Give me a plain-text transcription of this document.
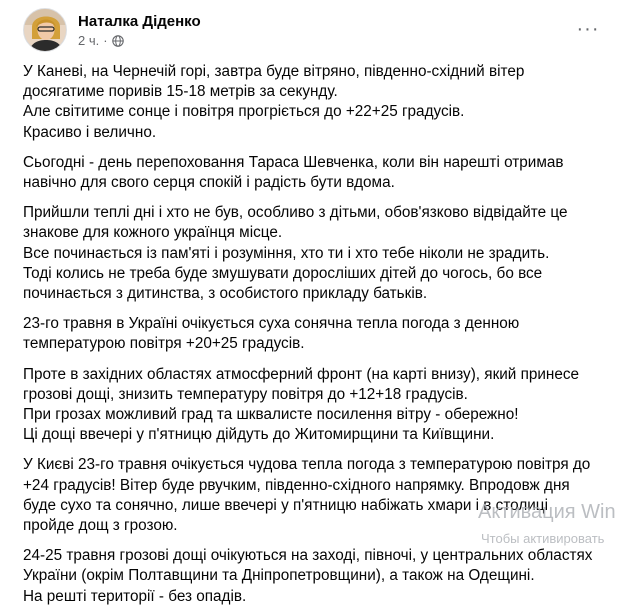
Наталка Діденко
2 ч. ·
···
У Каневі, на Чернечій горі, завтра буде вітряно, південно-східний вітер
досягатиме поривів 15-18 метрів за секунду.
Але світитиме сонце і повітря прогріється до +22+25 градусів.
Красиво і велично.
Сьогодні - день перепоховання Тараса Шевченка, коли він нарешті отримав
навічно для свого серця спокій і радість бути вдома.
Прийшли теплі дні і хто не був, особливо з дітьми, обов'язково відвідайте це
знакове для кожного українця місце.
Все починається із пам'яті і розуміння, хто ти і хто тебе ніколи не зрадить.
Тоді колись не треба буде змушувати дорослiших дітей до чогось, бо все
починається з дитинства, з особистого прикладу батьків.
23-го травня в Україні очікується суха сонячна тепла погода з денною
температурою повітря +20+25 градусів.
Проте в західних областях атмосферний фронт (на карті внизу), який принесе
грозові дощі, знизить температуру повітря до +12+18 градусів.
При грозах можливий град та шквалисте посилення вітру - обережно!
Ці дощі ввечері у п'ятницю дійдуть до Житомирщини та Київщини.
У Києві 23-го травня очікується чудова тепла погода з температурою повітря до
+24 градусів! Вітер буде рвучким, південно-східного напрямку. Впродовж дня
буде сухо та сонячно, лише ввечері у п'ятницю набіжать хмари і в столиці
пройде дощ з грозою.
24-25 травня грозові дощі очікуються на заході, півночі, у центральних областях
України (окрім Полтавщини та Дніпропетровщини), а також на Одещині.
На решті території - без опадів.
Активация Win
Чтобы активировать
